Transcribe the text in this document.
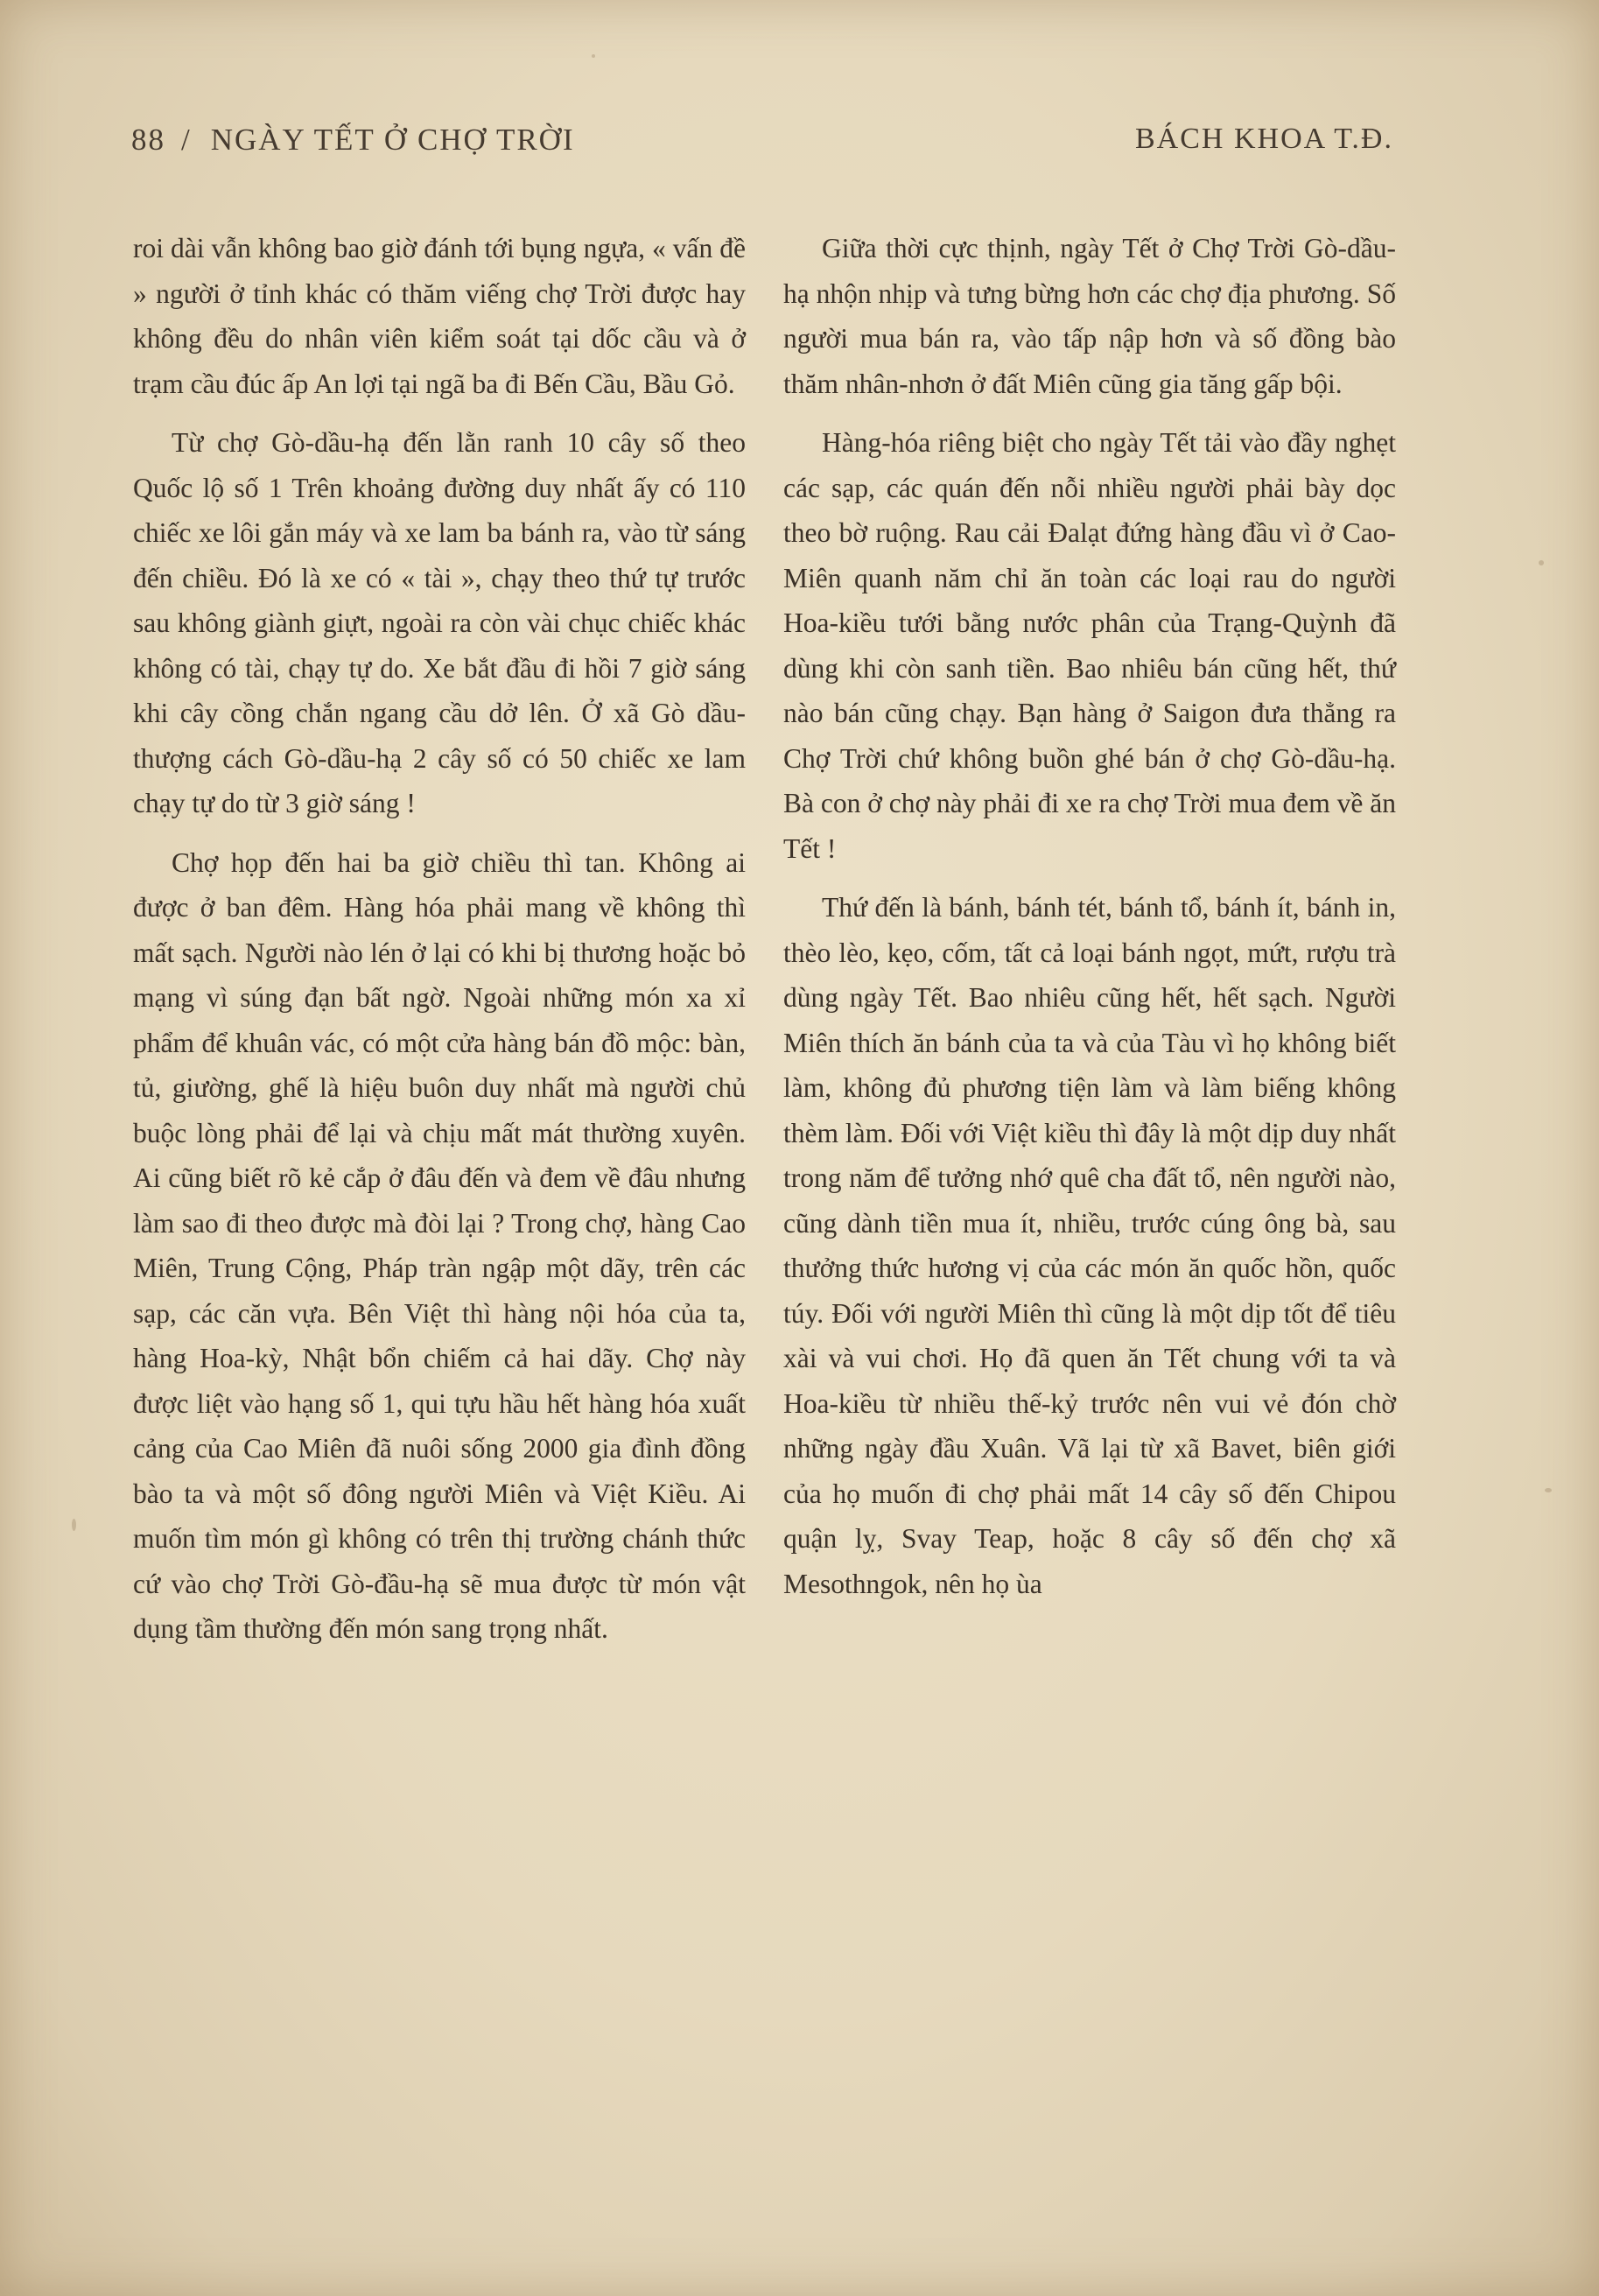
88 / NGÀY TẾT Ở CHỢ TRỜI	BÁCH KHOA T.Đ.

roi dài vẫn không bao giờ đánh tới bụng ngựa, « vấn đề » người ở tỉnh khác có thăm viếng chợ Trời được hay không đều do nhân viên kiểm soát tại dốc cầu và ở trạm cầu đúc ấp An lợi tại ngã ba đi Bến Cầu, Bầu Gỏ.

Từ chợ Gò-dầu-hạ đến lằn ranh 10 cây số theo Quốc lộ số 1 Trên khoảng đường duy nhất ấy có 110 chiếc xe lôi gắn máy và xe lam ba bánh ra, vào từ sáng đến chiều. Đó là xe có « tài », chạy theo thứ tự trước sau không giành giựt, ngoài ra còn vài chục chiếc khác không có tài, chạy tự do. Xe bắt đầu đi hồi 7 giờ sáng khi cây cồng chắn ngang cầu dở lên. Ở xã Gò dầu-thượng cách Gò-dầu-hạ 2 cây số có 50 chiếc xe lam chạy tự do từ 3 giờ sáng !

Chợ họp đến hai ba giờ chiều thì tan. Không ai được ở ban đêm. Hàng hóa phải mang về không thì mất sạch. Người nào lén ở lại có khi bị thương hoặc bỏ mạng vì súng đạn bất ngờ. Ngoài những món xa xỉ phẩm để khuân vác, có một cửa hàng bán đồ mộc: bàn, tủ, giường, ghế là hiệu buôn duy nhất mà người chủ buộc lòng phải để lại và chịu mất mát thường xuyên. Ai cũng biết rõ kẻ cắp ở đâu đến và đem về đâu nhưng làm sao đi theo được mà đòi lại ? Trong chợ, hàng Cao Miên, Trung Cộng, Pháp tràn ngập một dãy, trên các sạp, các căn vựa. Bên Việt thì hàng nội hóa của ta, hàng Hoa-kỳ, Nhật bổn chiếm cả hai dãy. Chợ này được liệt vào hạng số 1, qui tựu hầu hết hàng hóa xuất cảng của Cao Miên đã nuôi sống 2000 gia đình đồng bào ta và một số đông người Miên và Việt Kiều. Ai muốn tìm món gì không có trên thị trường chánh thức cứ vào chợ Trời Gò-đầu-hạ sẽ mua được từ món vật dụng tầm thường đến món sang trọng nhất.

Giữa thời cực thịnh, ngày Tết ở Chợ Trời Gò-dầu-hạ nhộn nhịp và tưng bừng hơn các chợ địa phương. Số người mua bán ra, vào tấp nập hơn và số đồng bào thăm nhân-nhơn ở đất Miên cũng gia tăng gấp bội.

Hàng-hóa riêng biệt cho ngày Tết tải vào đầy nghẹt các sạp, các quán đến nỗi nhiều người phải bày dọc theo bờ ruộng. Rau cải Đalạt đứng hàng đầu vì ở Cao-Miên quanh năm chỉ ăn toàn các loại rau do người Hoa-kiều tưới bằng nước phân của Trạng-Quỳnh đã dùng khi còn sanh tiền. Bao nhiêu bán cũng hết, thứ nào bán cũng chạy. Bạn hàng ở Saigon đưa thẳng ra Chợ Trời chứ không buồn ghé bán ở chợ Gò-dầu-hạ. Bà con ở chợ này phải đi xe ra chợ Trời mua đem về ăn Tết !

Thứ đến là bánh, bánh tét, bánh tổ, bánh ít, bánh in, thèo lèo, kẹo, cốm, tất cả loại bánh ngọt, mứt, rượu trà dùng ngày Tết. Bao nhiêu cũng hết, hết sạch. Người Miên thích ăn bánh của ta và của Tàu vì họ không biết làm, không đủ phương tiện làm và làm biếng không thèm làm. Đối với Việt kiều thì đây là một dịp duy nhất trong năm để tưởng nhớ quê cha đất tổ, nên người nào, cũng dành tiền mua ít, nhiều, trước cúng ông bà, sau thưởng thức hương vị của các món ăn quốc hồn, quốc túy. Đối với người Miên thì cũng là một dịp tốt để tiêu xài và vui chơi. Họ đã quen ăn Tết chung với ta và Hoa-kiều từ nhiều thế-kỷ trước nên vui vẻ đón chờ những ngày đầu Xuân. Vã lại từ xã Bavet, biên giới của họ muốn đi chợ phải mất 14 cây số đến Chipou quận lỵ, Svay Teap, hoặc 8 cây số đến chợ xã Mesothngok, nên họ ùa
